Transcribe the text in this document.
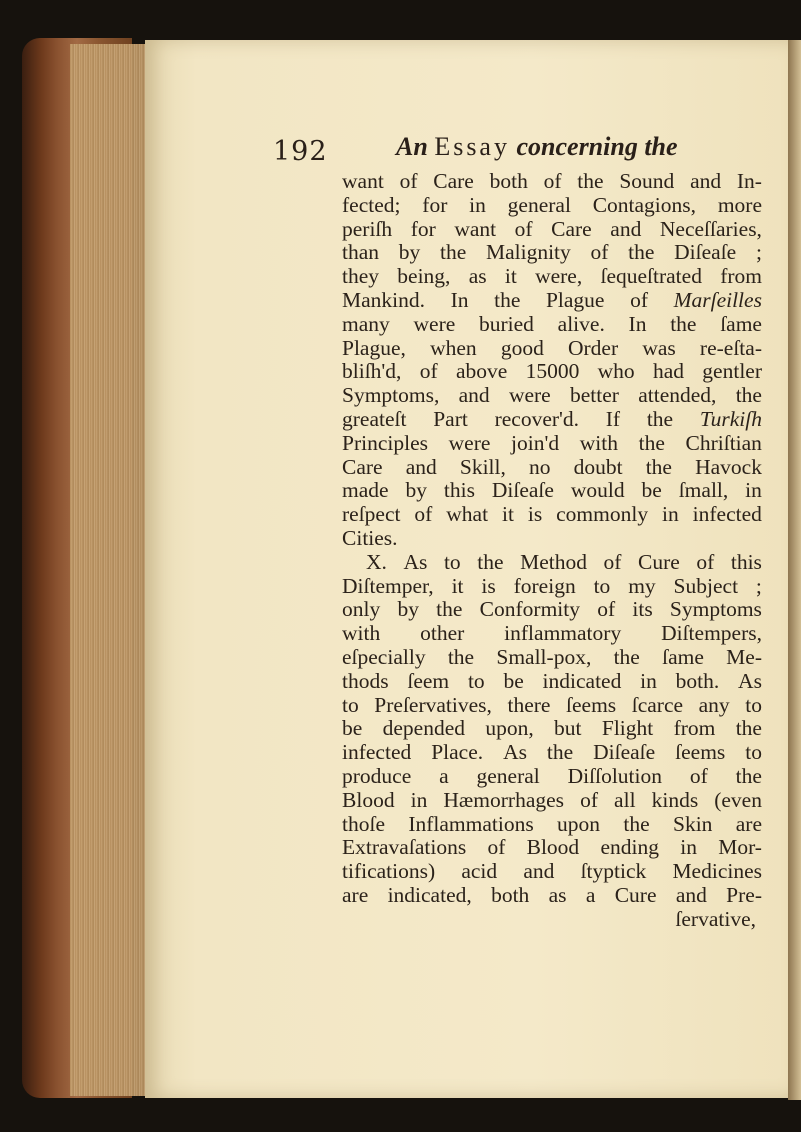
192	An Essay concerning the
want of Care both of the Sound and In-
fected; for in general Contagions, more
periſh for want of Care and Neceſſaries,
than by the Malignity of the Diſeaſe ;
they being, as it were, ſequeſtrated from
Mankind. In the Plague of Marſeilles
many were buried alive. In the ſame
Plague, when good Order was re-eſta-
bliſh'd, of above 15000 who had gentler
Symptoms, and were better attended, the
greateſt Part recover'd. If the Turkiſh
Principles were join'd with the Chriſtian
Care and Skill, no doubt the Havock
made by this Diſeaſe would be ſmall, in
reſpect of what it is commonly in infected
Cities.
X. As to the Method of Cure of this
Diſtemper, it is foreign to my Subject ;
only by the Conformity of its Symptoms
with other inflammatory Diſtempers,
eſpecially the Small-pox, the ſame Me-
thods ſeem to be indicated in both. As
to Preſervatives, there ſeems ſcarce any to
be depended upon, but Flight from the
infected Place. As the Diſeaſe ſeems to
produce a general Diſſolution of the
Blood in Hæmorrhages of all kinds (even
thoſe Inflammations upon the Skin are
Extravaſations of Blood ending in Mor-
tifications) acid and ſtyptick Medicines
are indicated, both as a Cure and Pre-
ſervative,
